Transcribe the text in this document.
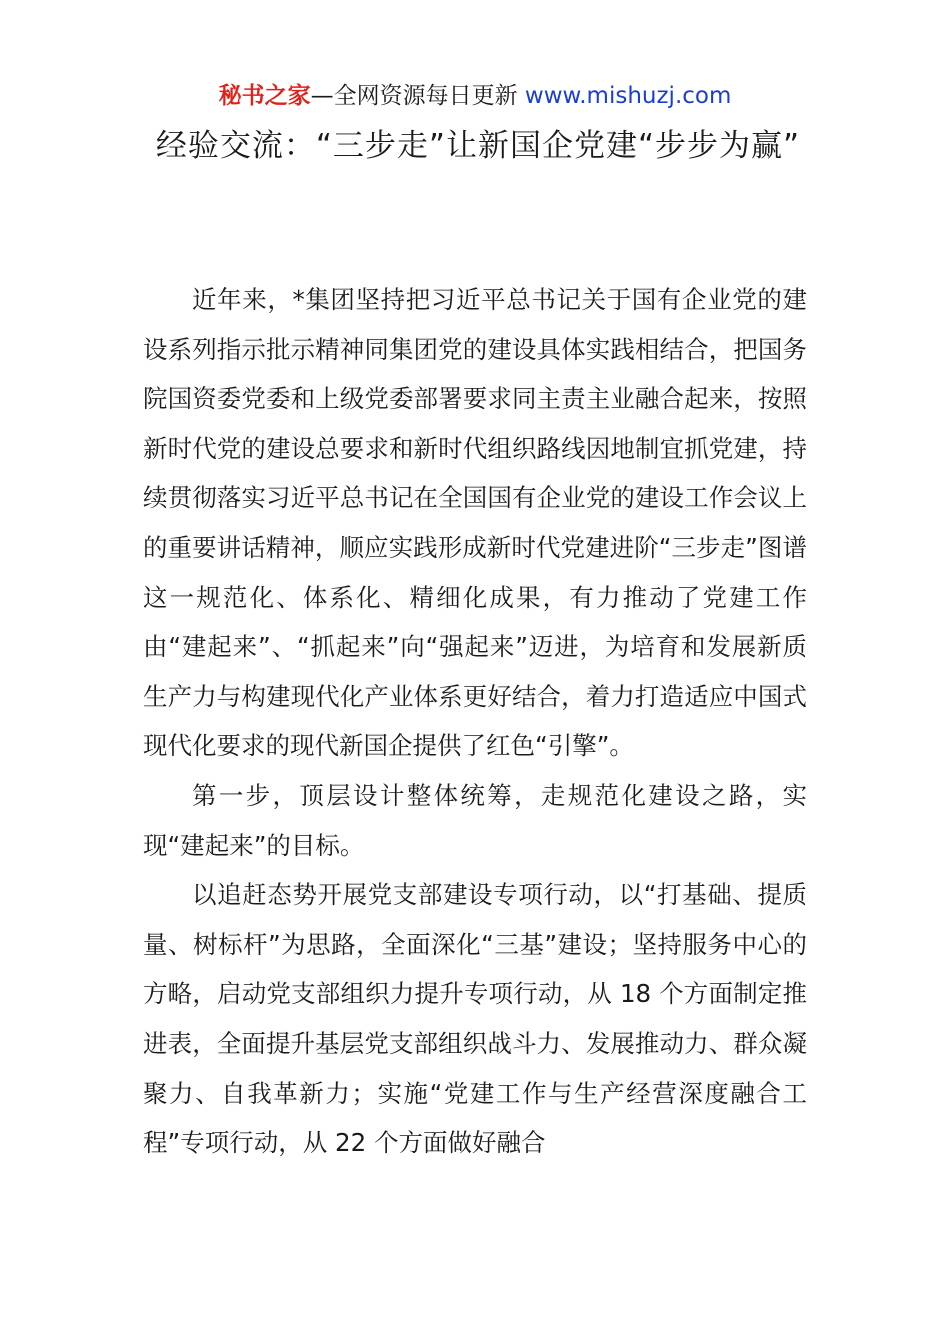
秘书之家—全网资源每日更新 www.mishuzj.com
经验交流：“三步走”让新国企党建“步步为赢”

近年来，*集团坚持把习近平总书记关于国有企业党的建设系列指示批示精神同集团党的建设具体实践相结合，把国务院国资委党委和上级党委部署要求同主责主业融合起来，按照新时代党的建设总要求和新时代组织路线因地制宜抓党建，持续贯彻落实习近平总书记在全国国有企业党的建设工作会议上的重要讲话精神，顺应实践形成新时代党建进阶“三步走”图谱这一规范化、体系化、精细化成果，有力推动了党建工作由“建起来”、“抓起来”向“强起来”迈进，为培育和发展新质生产力与构建现代化产业体系更好结合，着力打造适应中国式现代化要求的现代新国企提供了红色“引擎”。

第一步，顶层设计整体统筹，走规范化建设之路，实现“建起来”的目标。

以追赶态势开展党支部建设专项行动，以“打基础、提质量、树标杆”为思路，全面深化“三基”建设；坚持服务中心的方略，启动党支部组织力提升专项行动，从 18 个方面制定推进表，全面提升基层党支部组织战斗力、发展推动力、群众凝聚力、自我革新力；实施“党建工作与生产经营深度融合工程”专项行动，从 22 个方面做好融合
